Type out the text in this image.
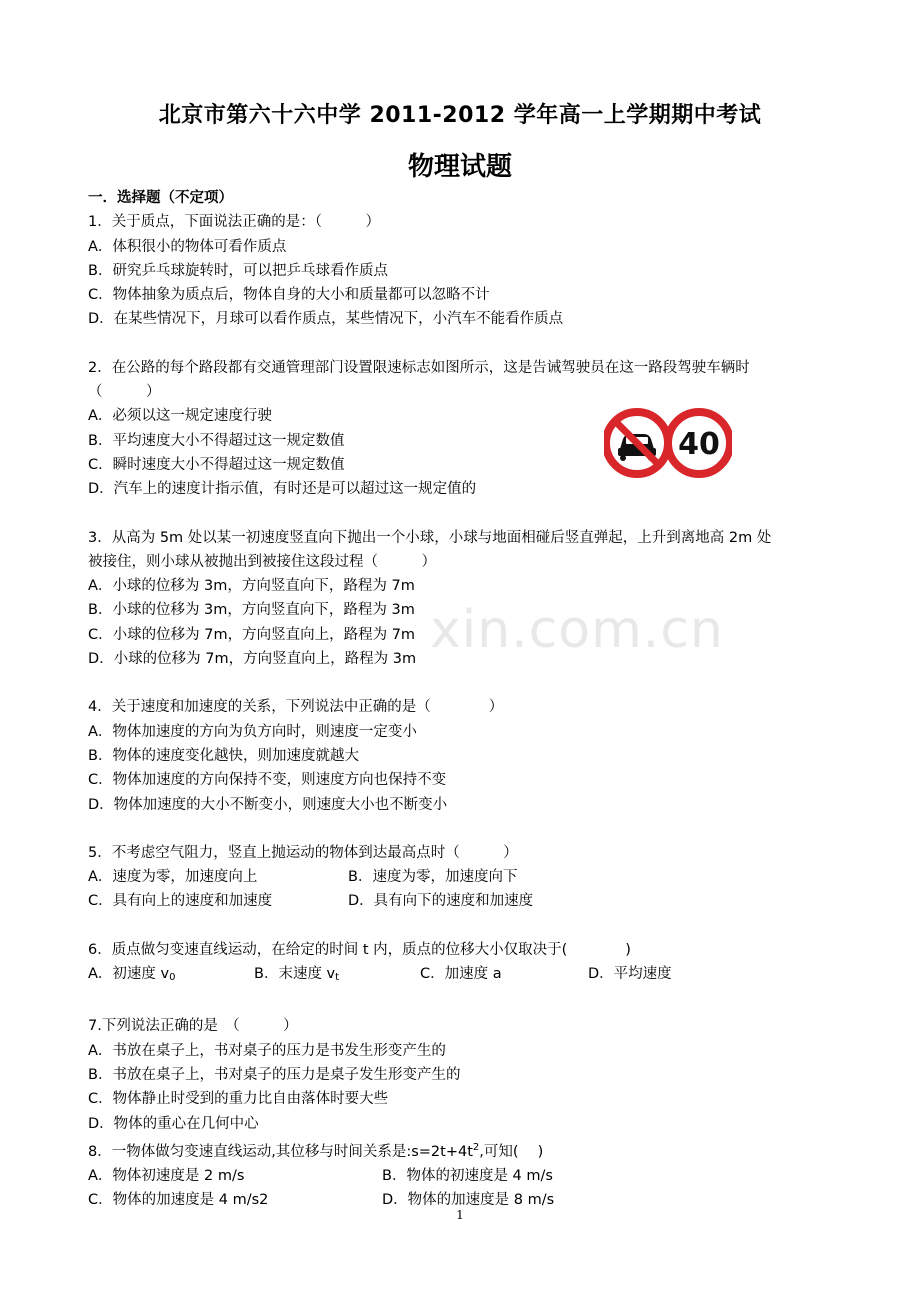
北京市第六十六中学 2011-2012 学年高一上学期期中考试
物理试题
一．选择题（不定项）
1．关于质点，下面说法正确的是：（　　　）
A．体积很小的物体可看作质点
B．研究乒乓球旋转时，可以把乒乓球看作质点
C．物体抽象为质点后，物体自身的大小和质量都可以忽略不计
D．在某些情况下，月球可以看作质点，某些情况下，小汽车不能看作质点
2．在公路的每个路段都有交通管理部门设置限速标志如图所示，这是告诫驾驶员在这一路段驾驶车辆时
（　　　）
A．必须以这一规定速度行驶
B．平均速度大小不得超过这一规定数值
C．瞬时速度大小不得超过这一规定数值
D．汽车上的速度计指示值，有时还是可以超过这一规定值的
3．从高为 5m 处以某一初速度竖直向下抛出一个小球，小球与地面相碰后竖直弹起，上升到离地高 2m 处
被接住，则小球从被抛出到被接住这段过程（　　　）
A．小球的位移为 3m，方向竖直向下，路程为 7m
B．小球的位移为 3m，方向竖直向下，路程为 3m
C．小球的位移为 7m，方向竖直向上，路程为 7m
D．小球的位移为 7m，方向竖直向上，路程为 3m
4．关于速度和加速度的关系，下列说法中正确的是（　　　　）
A．物体加速度的方向为负方向时，则速度一定变小
B．物体的速度变化越快，则加速度就越大
C．物体加速度的方向保持不变，则速度方向也保持不变
D．物体加速度的大小不断变小，则速度大小也不断变小
5．不考虑空气阻力，竖直上抛运动的物体到达最高点时（　　　）
A．速度为零，加速度向上	B．速度为零，加速度向下
C．具有向上的速度和加速度	D．具有向下的速度和加速度
6．质点做匀变速直线运动，在给定的时间 t 内，质点的位移大小仅取决于(　　　　)
A．初速度 v0	B．末速度 vt	C．加速度 a	D．平均速度
7.下列说法正确的是　（　　　）
A．书放在桌子上，书对桌子的压力是书发生形变产生的
B．书放在桌子上，书对桌子的压力是桌子发生形变产生的
C．物体静止时受到的重力比自由落体时要大些
D．物体的重心在几何中心
8．一物体做匀变速直线运动,其位移与时间关系是$:s=2t+4t^2$,可知(　 )
A．物体初速度是 2 m/s	B．物体的初速度是 4 m/s
C．物体的加速度是 4 m/s2	D．物体的加速度是 8 m/s
40
xin.com.cn
1
